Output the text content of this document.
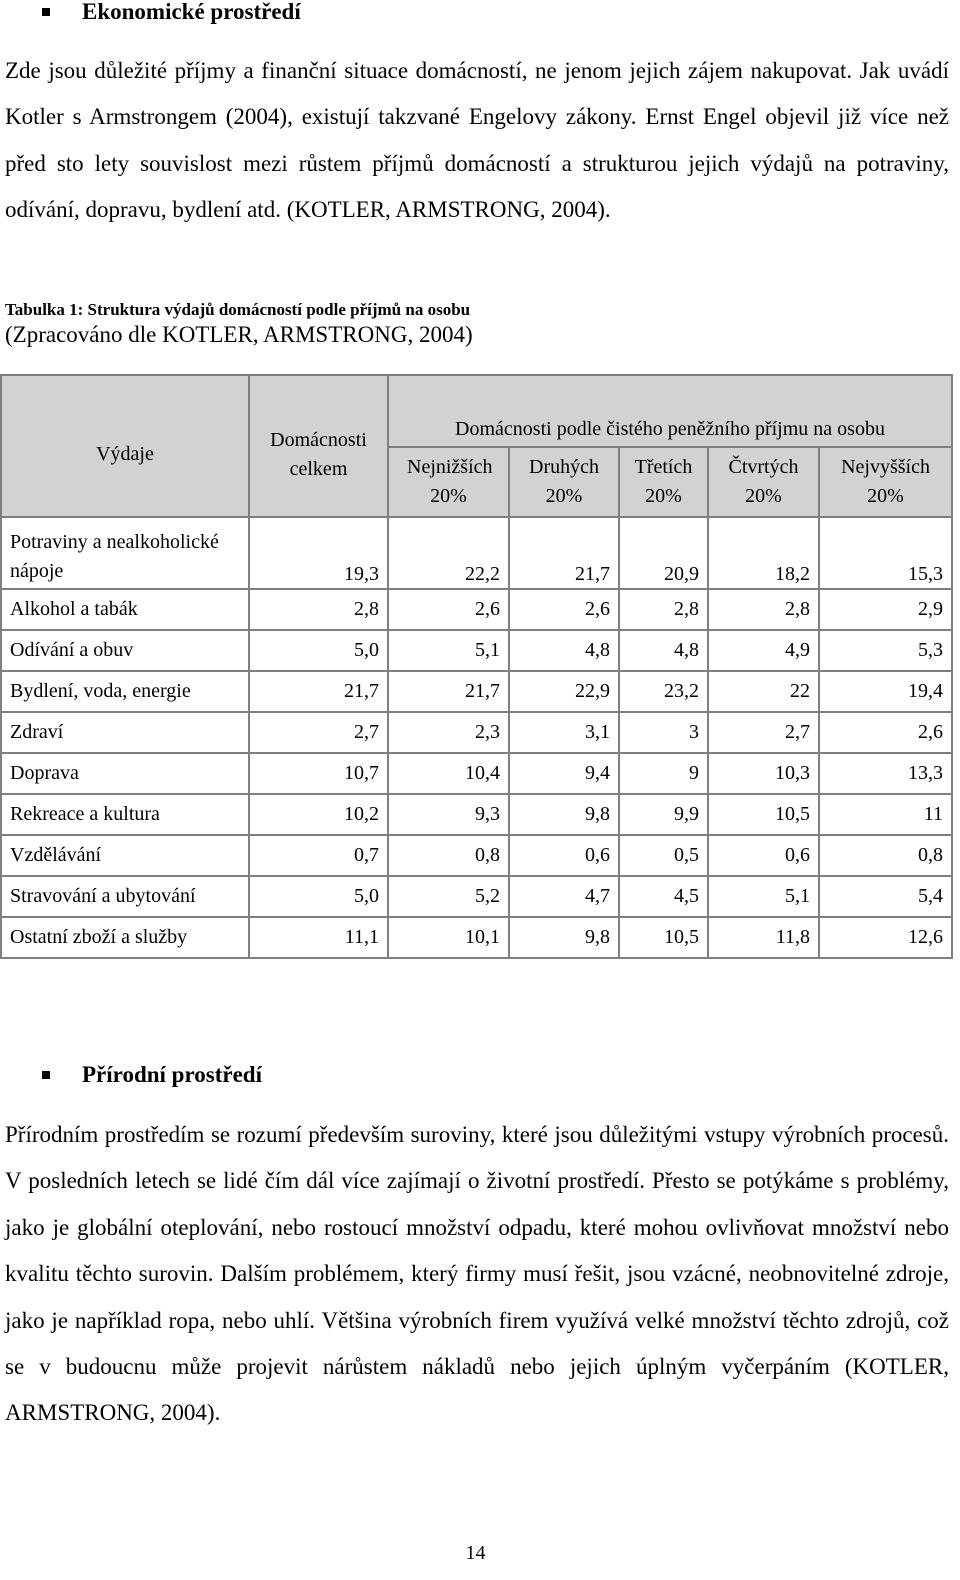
Ekonomické prostředí

Zde jsou důležité příjmy a finanční situace domácností, ne jenom jejich zájem nakupovat. Jak uvádí Kotler s Armstrongem (2004), existují takzvané Engelovy zákony. Ernst Engel objevil již více než před sto lety souvislost mezi růstem příjmů domácností a strukturou jejich výdajů na potraviny, odívání, dopravu, bydlení atd. (KOTLER, ARMSTRONG, 2004).

Tabulka 1: Struktura výdajů domácností podle příjmů na osobu
(Zpracováno dle KOTLER, ARMSTRONG, 2004)
Výdaje	Domácnosti celkem	Domácnosti podle čistého peněžního příjmu na osobu				
		Nejnižších 20%	Druhých 20%	Třetích 20%	Čtvrtých 20%	Nejvyšších 20%
Potraviny a nealkoholické nápoje	19,3	22,2	21,7	20,9	18,2	15,3
Alkohol a tabák	2,8	2,6	2,6	2,8	2,8	2,9
Odívání a obuv	5,0	5,1	4,8	4,8	4,9	5,3
Bydlení, voda, energie	21,7	21,7	22,9	23,2	22	19,4
Zdraví	2,7	2,3	3,1	3	2,7	2,6
Doprava	10,7	10,4	9,4	9	10,3	13,3
Rekreace a kultura	10,2	9,3	9,8	9,9	10,5	11
Vzdělávání	0,7	0,8	0,6	0,5	0,6	0,8
Stravování a ubytování	5,0	5,2	4,7	4,5	5,1	5,4
Ostatní zboží a služby	11,1	10,1	9,8	10,5	11,8	12,6
Přírodní prostředí

Přírodním prostředím se rozumí především suroviny, které jsou důležitými vstupy výrobních procesů. V posledních letech se lidé čím dál více zajímají o životní prostředí. Přesto se potýkáme s problémy, jako je globální oteplování, nebo rostoucí množství odpadu, které mohou ovlivňovat množství nebo kvalitu těchto surovin. Dalším problémem, který firmy musí řešit, jsou vzácné, neobnovitelné zdroje, jako je například ropa, nebo uhlí. Většina výrobních firem využívá velké množství těchto zdrojů, což se v budoucnu může projevit nárůstem nákladů nebo jejich úplným vyčerpáním (KOTLER, ARMSTRONG, 2004).

14
